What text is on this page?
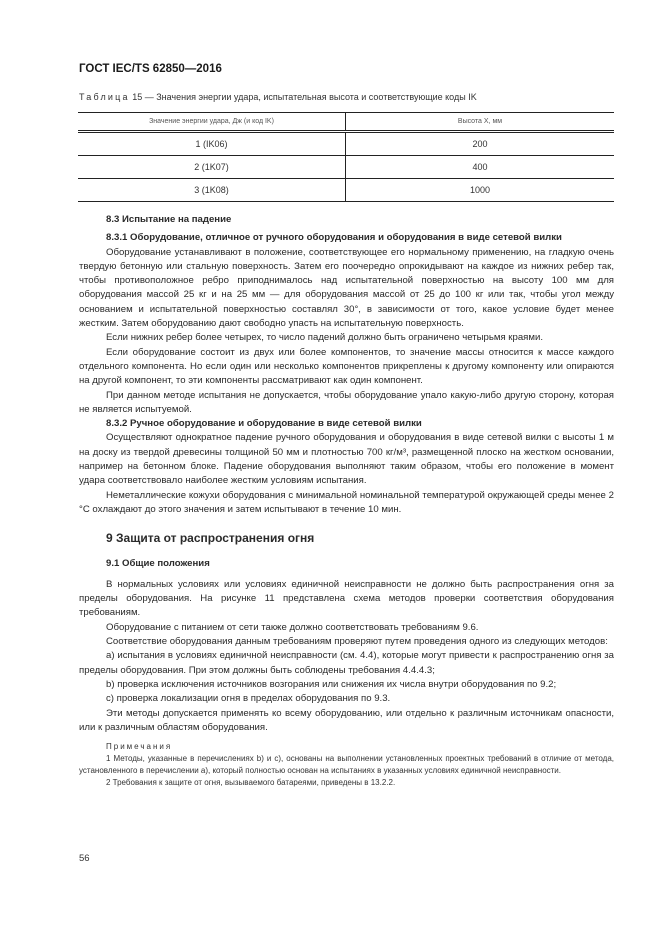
ГОСТ IEC/TS 62850—2016
Таблица 15 — Значения энергии удара, испытательная высота и соответствующие коды IK
Значение энергии удара, Дж (и код IK)	Высота X, мм
1 (IK06)	200
2 (1K07)	400
3 (1K08)	1000
8.3 Испытание на падение
8.3.1 Оборудование, отличное от ручного оборудования и оборудования в виде сетевой вилки

Оборудование устанавливают в положение, соответствующее его нормальному применению, на гладкую очень твердую бетонную или стальную поверхность. Затем его поочередно опрокидывают на каждое из нижних ребер так, чтобы противоположное ребро приподнималось над испытательной поверхностью на высоту 100 мм для оборудования массой 25 кг и на 25 мм — для оборудования массой от 25 до 100 кг или так, чтобы угол между основанием и испытательной поверхностью составлял 30°, в зависимости от того, какое условие будет менее жестким. Затем оборудованию дают свободно упасть на испытательную поверхность.

Если нижних ребер более четырех, то число падений должно быть ограничено четырьмя краями.

Если оборудование состоит из двух или более компонентов, то значение массы относится к массе каждого отдельного компонента. Но если один или несколько компонентов прикреплены к другому компоненту или опираются на другой компонент, то эти компоненты рассматривают как один компонент.

При данном методе испытания не допускается, чтобы оборудование упало какую-либо другую сторону, которая не является испытуемой.

8.3.2 Ручное оборудование и оборудование в виде сетевой вилки

Осуществляют однократное падение ручного оборудования и оборудования в виде сетевой вилки с высоты 1 м на доску из твердой древесины толщиной 50 мм и плотностью 700 кг/м³, размещенной плоско на жестком основании, например на бетонном блоке. Падение оборудования выполняют таким образом, чтобы его положение в момент удара соответствовало наиболее жестким условиям испытания.

Неметаллические кожухи оборудования с минимальной номинальной температурой окружающей среды менее 2 °С охлаждают до этого значения и затем испытывают в течение 10 мин.

9 Защита от распространения огня
9.1 Общие положения

В нормальных условиях или условиях единичной неисправности не должно быть распространения огня за пределы оборудования. На рисунке 11 представлена схема методов проверки соответствия оборудования требованиям.

Оборудование с питанием от сети также должно соответствовать требованиям 9.6.

Соответствие оборудования данным требованиям проверяют путем проведения одного из следующих методов:

a) испытания в условиях единичной неисправности (см. 4.4), которые могут привести к распространению огня за пределы оборудования. При этом должны быть соблюдены требования 4.4.4.3;

b) проверка исключения источников возгорания или снижения их числа внутри оборудования по 9.2;

c) проверка локализации огня в пределах оборудования по 9.3.

Эти методы допускается применять ко всему оборудованию, или отдельно к различным источникам опасности, или к различным областям оборудования.

Примечания

1 Методы, указанные в перечислениях b) и c), основаны на выполнении установленных проектных требований в отличие от метода, установленного в перечислении a), который полностью основан на испытаниях в указанных условиях единичной неисправности.

2 Требования к защите от огня, вызываемого батареями, приведены в 13.2.2.

56
